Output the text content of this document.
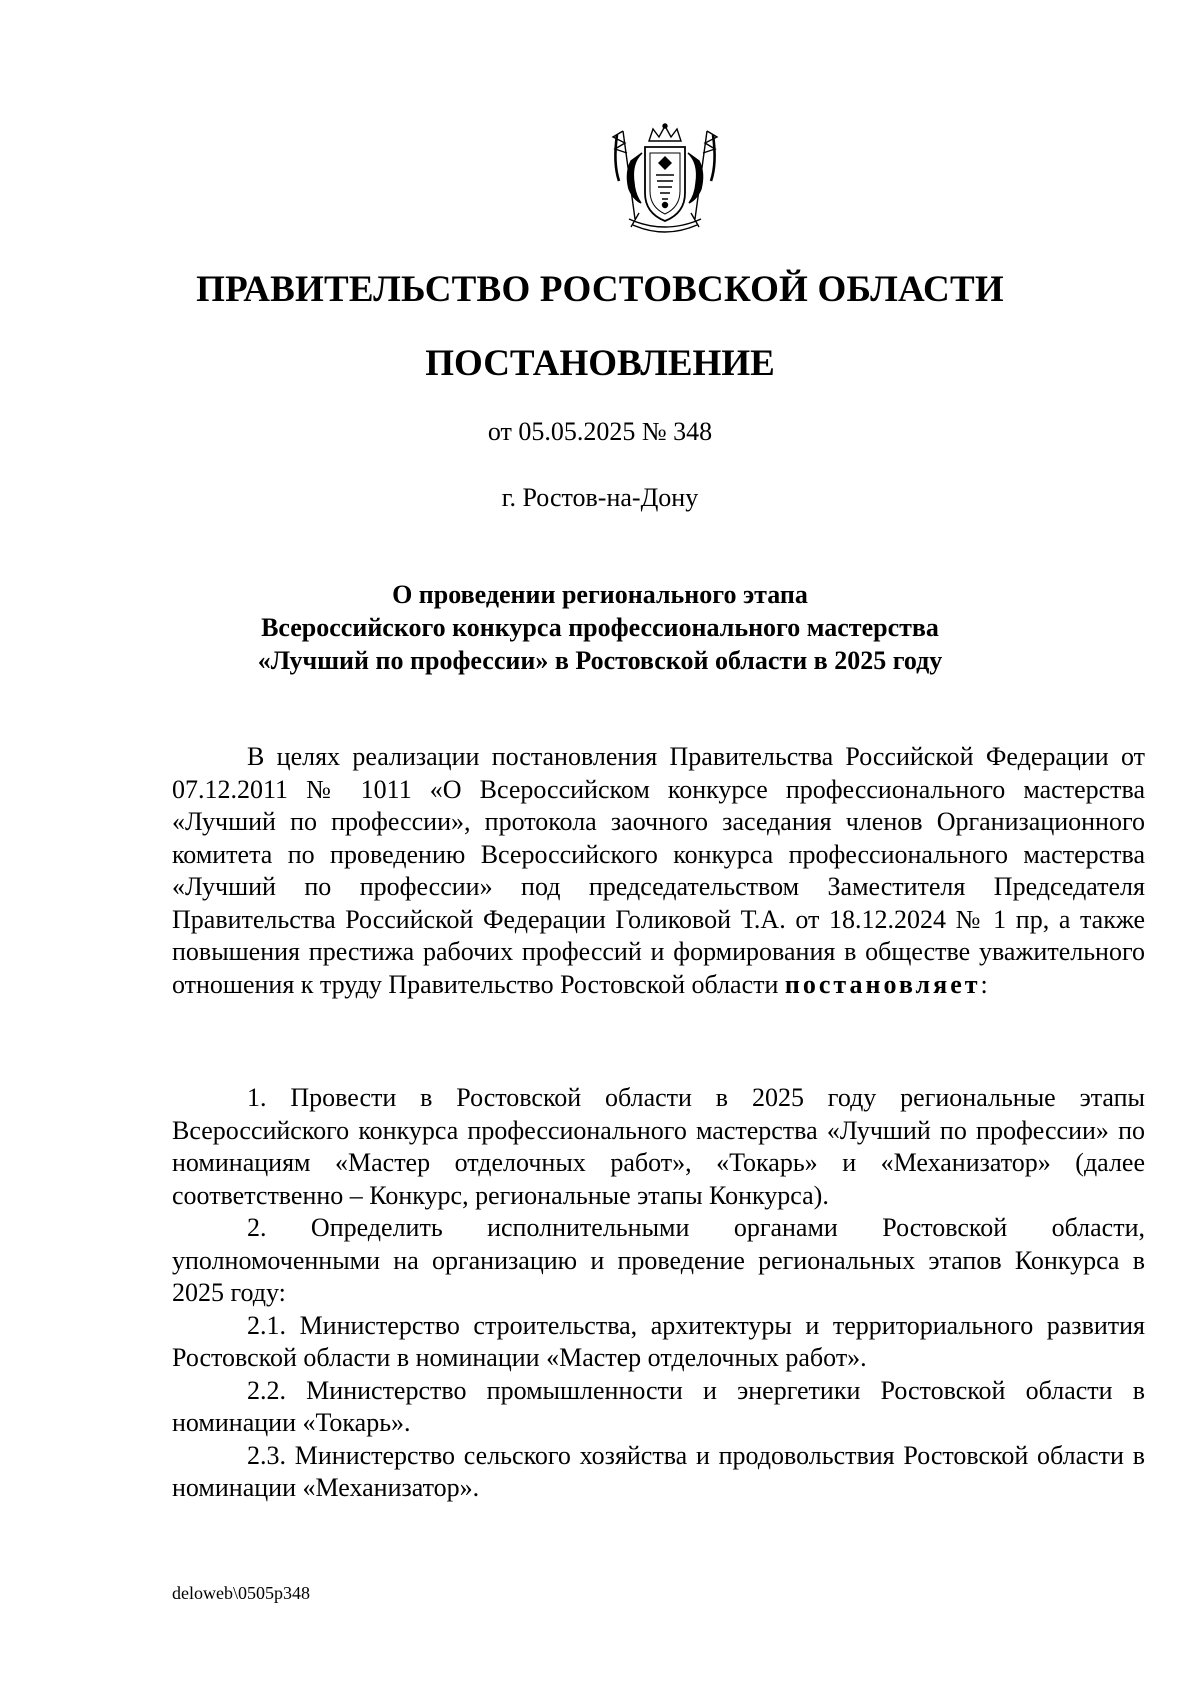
ПРАВИТЕЛЬСТВО РОСТОВСКОЙ ОБЛАСТИ
ПОСТАНОВЛЕНИЕ
от 05.05.2025 № 348
г. Ростов-на-Дону
О проведении регионального этапа
Всероссийского конкурса профессионального мастерства
«Лучший по профессии» в Ростовской области в 2025 году

В целях реализации постановления Правительства Российской Федерации от 07.12.2011 № 1011 «О Всероссийском конкурсе профессионального мастерства «Лучший по профессии», протокола заочного заседания членов Организационного комитета по проведению Всероссийского конкурса профессионального мастерства «Лучший по профессии» под председательством Заместителя Председателя Правительства Российской Федерации Голиковой Т.А. от 18.12.2024 № 1 пр, а также повышения престижа рабочих профессий и формирования в обществе уважительного отношения к труду Правительство Ростовской области постановляет:

1. Провести в Ростовской области в 2025 году региональные этапы Всероссийского конкурса профессионального мастерства «Лучший по профессии» по номинациям «Мастер отделочных работ», «Токарь» и «Механизатор» (далее соответственно – Конкурс, региональные этапы Конкурса).

2. Определить исполнительными органами Ростовской области, уполномоченными на организацию и проведение региональных этапов Конкурса в 2025 году:

2.1. Министерство строительства, архитектуры и территориального развития Ростовской области в номинации «Мастер отделочных работ».

2.2. Министерство промышленности и энергетики Ростовской области в номинации «Токарь».

2.3. Министерство сельского хозяйства и продовольствия Ростовской области в номинации «Механизатор».

deloweb\0505p348
